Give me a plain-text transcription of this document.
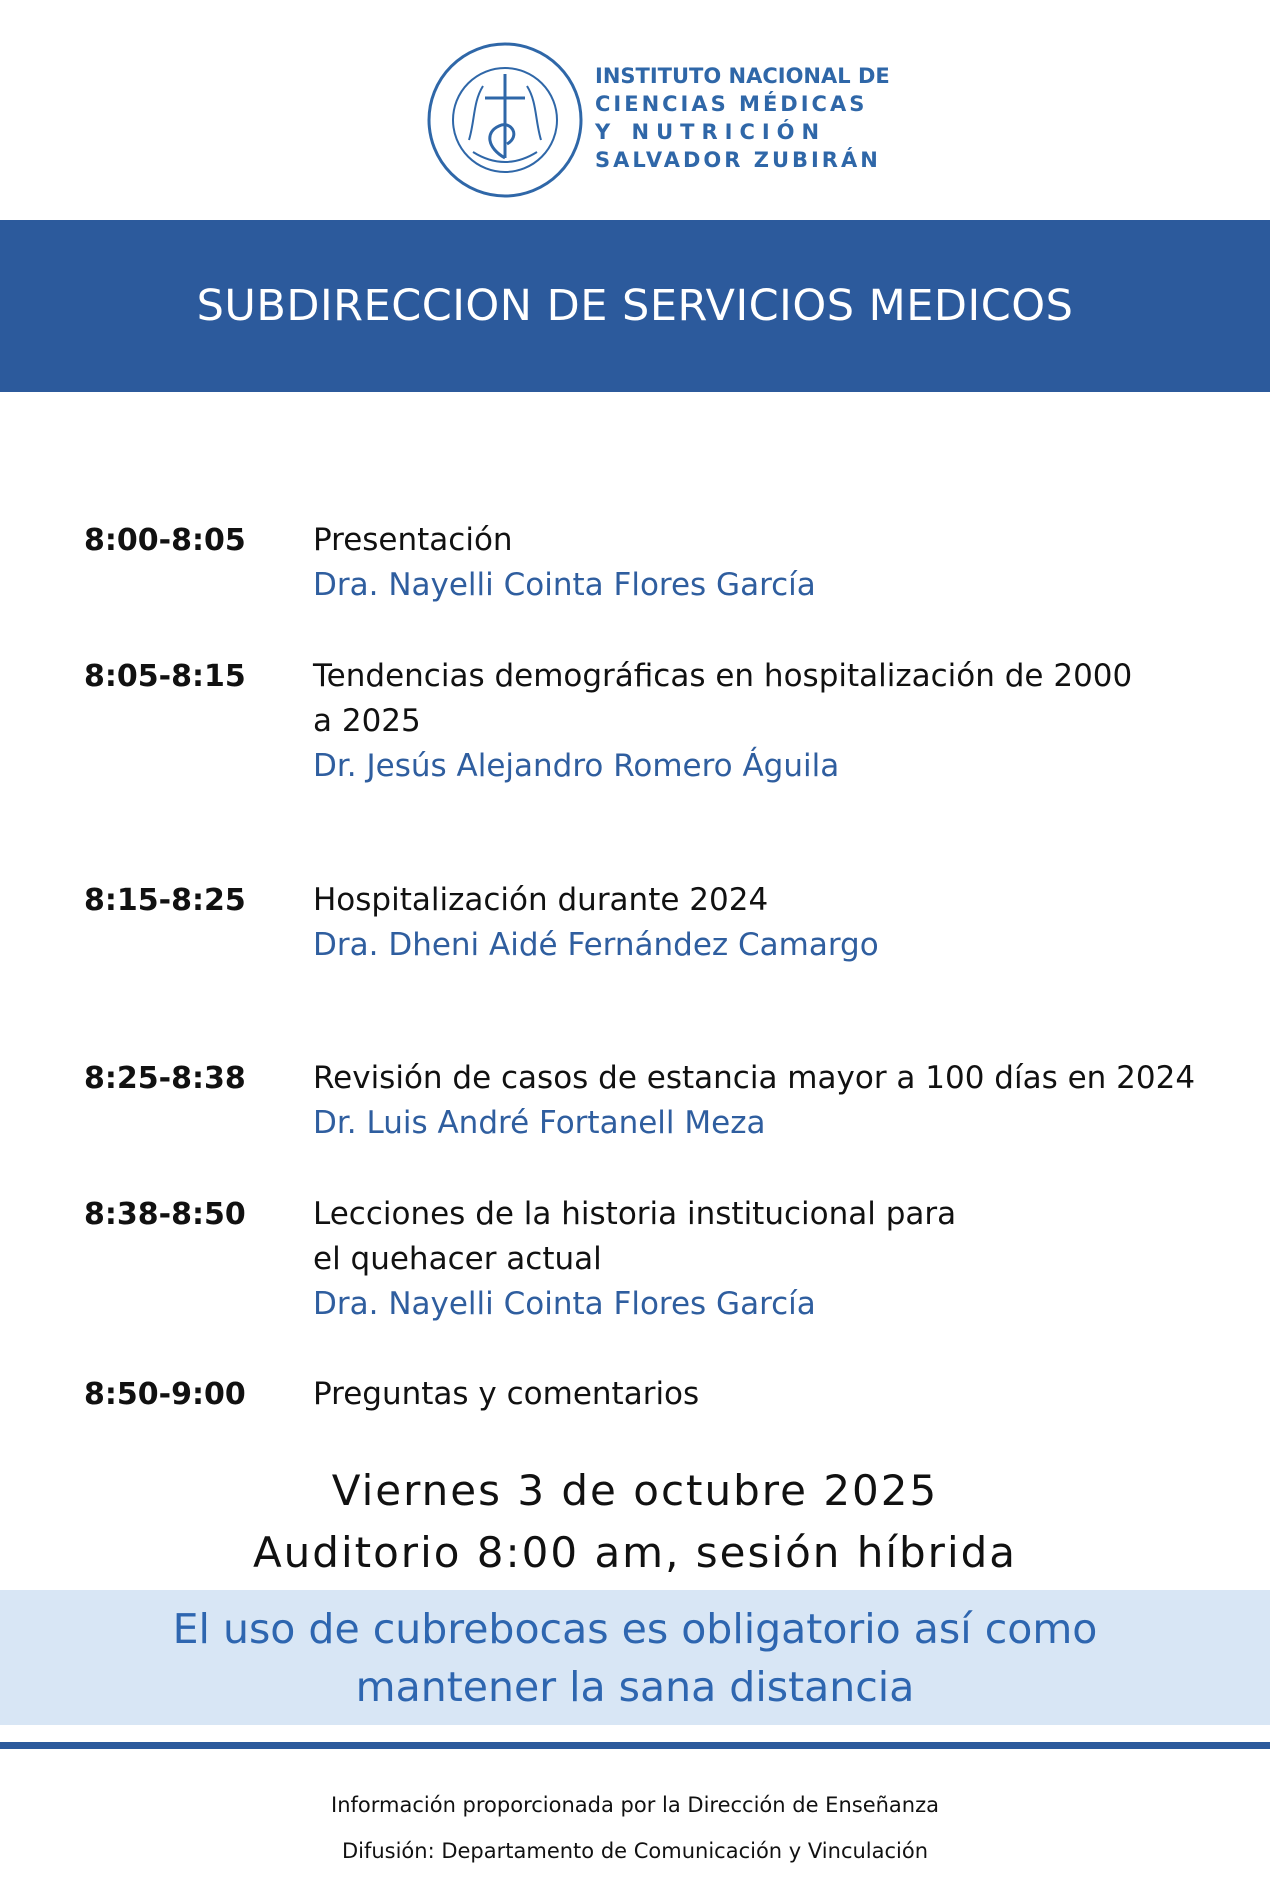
INSTITUTO NACIONAL DE
CIENCIAS MÉDICAS
Y NUTRICIÓN
SALVADOR ZUBIRÁN
SUBDIRECCION DE SERVICIOS MEDICOS
8:00-8:05 Presentación
Dra. Nayelli Cointa Flores García
8:05-8:15 Tendencias demográficas en hospitalización de 2000
a 2025
Dr. Jesús Alejandro Romero Águila
8:15-8:25 Hospitalización durante 2024
Dra. Dheni Aidé Fernández Camargo
8:25-8:38 Revisión de casos de estancia mayor a 100 días en 2024
Dr. Luis André Fortanell Meza
8:38-8:50 Lecciones de la historia institucional para
el quehacer actual
Dra. Nayelli Cointa Flores García
8:50-9:00 Preguntas y comentarios
Viernes 3 de octubre 2025
Auditorio 8:00 am, sesión híbrida
El uso de cubrebocas es obligatorio así como
mantener la sana distancia
Información proporcionada por la Dirección de Enseñanza
Difusión: Departamento de Comunicación y Vinculación
